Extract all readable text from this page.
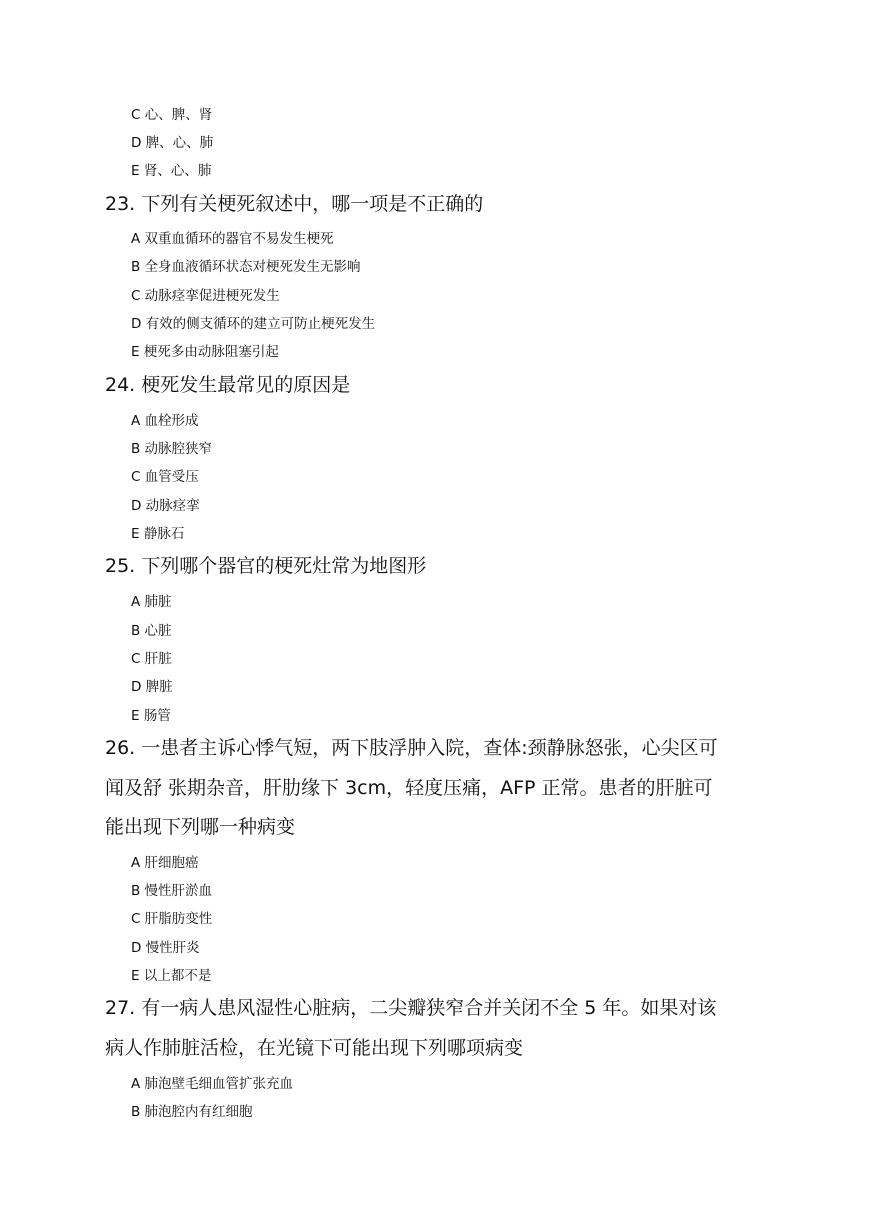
C 心、脾、肾
D 脾、心、肺
E 肾、心、肺
23. 下列有关梗死叙述中，哪一项是不正确的
A 双重血循环的器官不易发生梗死
B 全身血液循环状态对梗死发生无影响
C 动脉痉挛促进梗死发生
D 有效的侧支循环的建立可防止梗死发生
E 梗死多由动脉阻塞引起
24. 梗死发生最常见的原因是
A 血栓形成
B 动脉腔狭窄
C 血管受压
D 动脉痉挛
E 静脉石
25. 下列哪个器官的梗死灶常为地图形
A 肺脏
B 心脏
C 肝脏
D 脾脏
E 肠管
26. 一患者主诉心悸气短，两下肢浮肿入院，查体:颈静脉怒张，心尖区可
闻及舒 张期杂音，肝肋缘下 3cm，轻度压痛，AFP 正常。患者的肝脏可
能出现下列哪一种病变
A 肝细胞癌
B 慢性肝淤血
C 肝脂肪变性
D 慢性肝炎
E 以上都不是
27. 有一病人患风湿性心脏病，二尖瓣狭窄合并关闭不全 5 年。如果对该
病人作肺脏活检，在光镜下可能出现下列哪项病变
A 肺泡壁毛细血管扩张充血
B 肺泡腔内有红细胞
